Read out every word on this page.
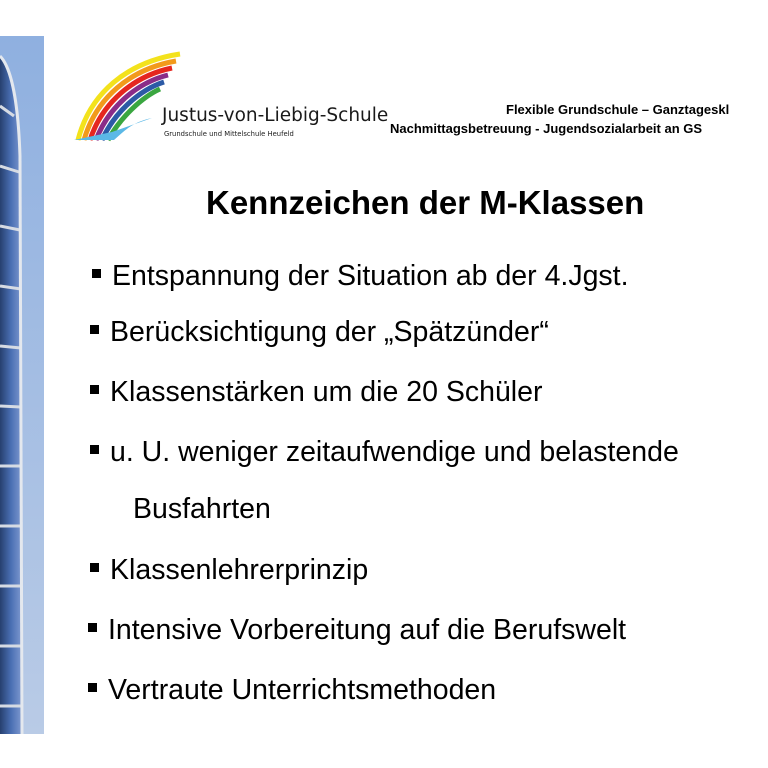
Justus-von-Liebig-Schule
Grundschule und Mittelschule Heufeld
Flexible Grundschule – Ganztageskl
Nachmittagsbetreuung - Jugendsozialarbeit an GS
Kennzeichen der M-Klassen
Entspannung der Situation ab der 4.Jgst.
Berücksichtigung der „Spätzünder“
Klassenstärken um die 20 Schüler
u. U. weniger zeitaufwendige und belastende
Busfahrten
Klassenlehrerprinzip
Intensive Vorbereitung auf die Berufswelt
Vertraute Unterrichtsmethoden
